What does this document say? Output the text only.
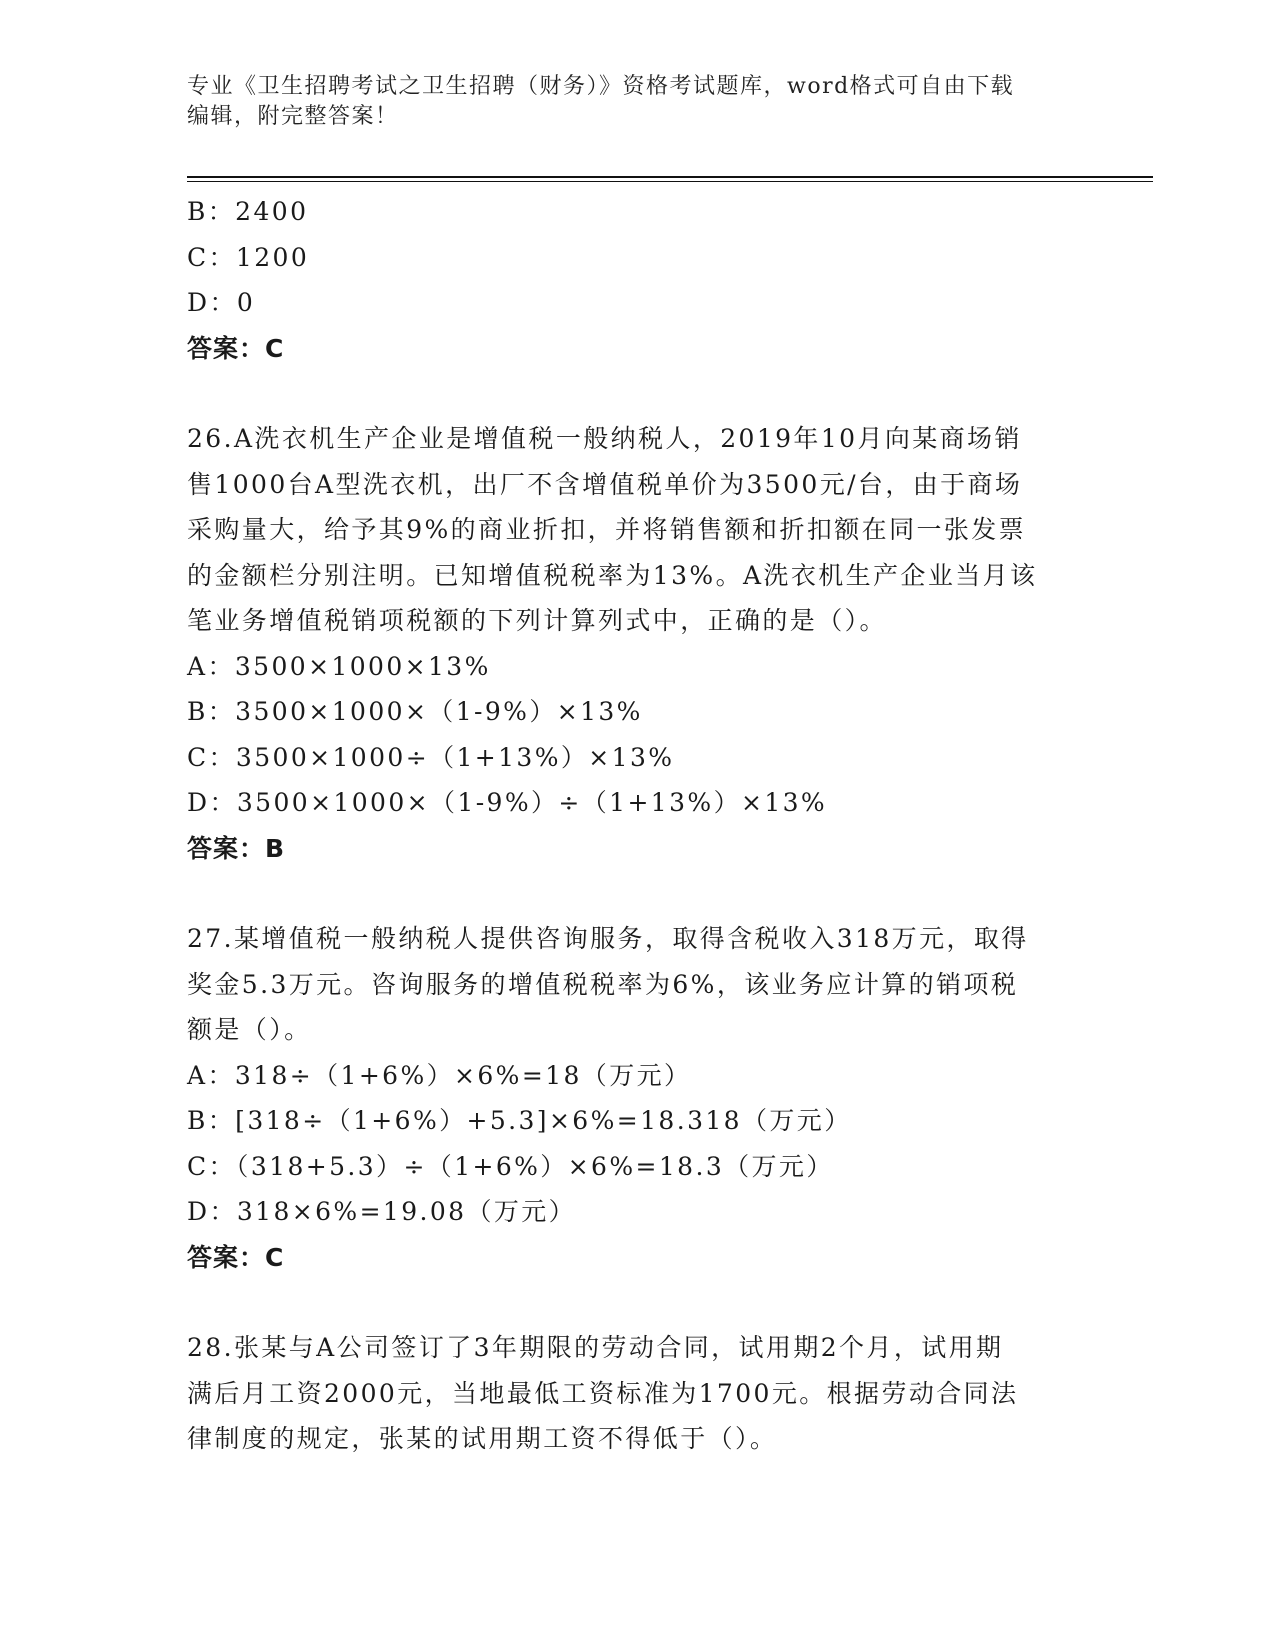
专业《卫生招聘考试之卫生招聘（财务）》资格考试题库，word格式可自由下载
编辑，附完整答案！
B：2400
C：1200
D：0
答案：C
26.A洗衣机生产企业是增值税一般纳税人，2019年10月向某商场销
售1000台A型洗衣机，出厂不含增值税单价为3500元/台，由于商场
采购量大，给予其9%的商业折扣，并将销售额和折扣额在同一张发票
的金额栏分别注明。已知增值税税率为13%。A洗衣机生产企业当月该
笔业务增值税销项税额的下列计算列式中，正确的是（）。
A：3500×1000×13%
B：3500×1000×（1-9%）×13%
C：3500×1000÷（1+13%）×13%
D：3500×1000×（1-9%）÷（1+13%）×13%
答案：B
27.某增值税一般纳税人提供咨询服务，取得含税收入318万元，取得
奖金5.3万元。咨询服务的增值税税率为6%，该业务应计算的销项税
额是（）。
A：318÷（1+6%）×6%=18（万元）
B：[318÷（1+6%）+5.3]×6%=18.318（万元）
C：（318+5.3）÷（1+6%）×6%=18.3（万元）
D：318×6%=19.08（万元）
答案：C
28.张某与A公司签订了3年期限的劳动合同，试用期2个月，试用期
满后月工资2000元，当地最低工资标准为1700元。根据劳动合同法
律制度的规定，张某的试用期工资不得低于（）。
